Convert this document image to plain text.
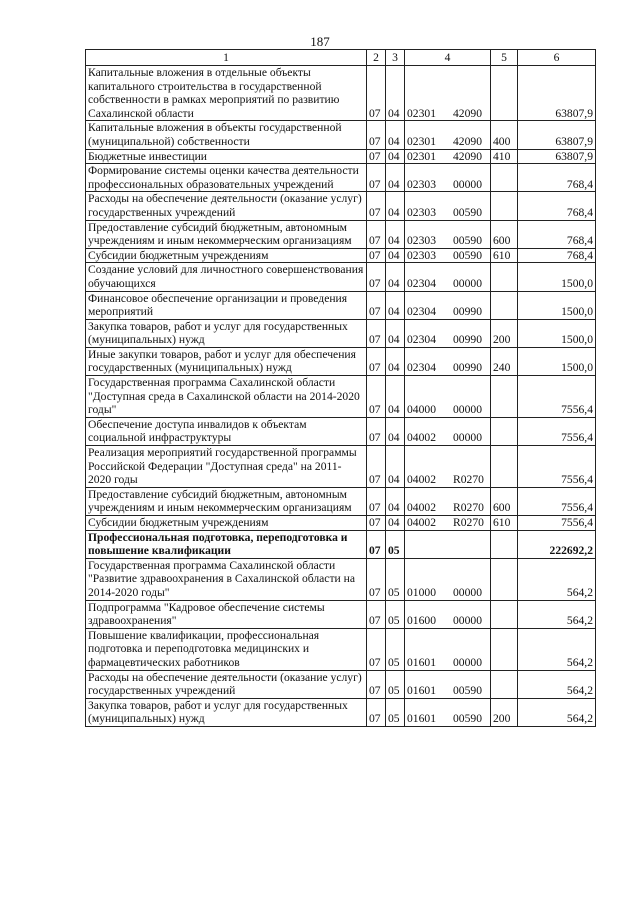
187
1	2	3	4	5	6
Капитальные вложения в отдельные объекты капитального строительства в государственной собственности в рамках мероприятий по развитию Сахалинской области	07	04	02301 42090		63807,9
Капитальные вложения в объекты государственной (муниципальной) собственности	07	04	02301 42090	400	63807,9
Бюджетные инвестиции	07	04	02301 42090	410	63807,9
Формирование системы оценки качества деятельности профессиональных образовательных учреждений	07	04	02303 00000		768,4
Расходы на обеспечение деятельности (оказание услуг) государственных учреждений	07	04	02303 00590		768,4
Предоставление субсидий бюджетным, автономным учреждениям и иным некоммерческим организациям	07	04	02303 00590	600	768,4
Субсидии бюджетным учреждениям	07	04	02303 00590	610	768,4
Создание условий для личностного совершенствования обучающихся	07	04	02304 00000		1500,0
Финансовое обеспечение организации и проведения мероприятий	07	04	02304 00990		1500,0
Закупка товаров, работ и услуг для государственных (муниципальных) нужд	07	04	02304 00990	200	1500,0
Иные закупки товаров, работ и услуг для обеспечения государственных (муниципальных) нужд	07	04	02304 00990	240	1500,0
Государственная программа Сахалинской области "Доступная среда в Сахалинской области на 2014-2020 годы"	07	04	04000 00000		7556,4
Обеспечение доступа инвалидов к объектам социальной инфраструктуры	07	04	04002 00000		7556,4
Реализация мероприятий государственной программы Российской Федерации "Доступная среда" на 2011-2020 годы	07	04	04002 R0270		7556,4
Предоставление субсидий бюджетным, автономным учреждениям и иным некоммерческим организациям	07	04	04002 R0270	600	7556,4
Субсидии бюджетным учреждениям	07	04	04002 R0270	610	7556,4
Профессиональная подготовка, переподготовка и повышение квалификации	07	05			222692,2
Государственная программа Сахалинской области "Развитие здравоохранения в Сахалинской области на 2014-2020 годы"	07	05	01000 00000		564,2
Подпрограмма "Кадровое обеспечение системы здравоохранения"	07	05	01600 00000		564,2
Повышение квалификации, профессиональная подготовка и переподготовка медицинских и фармацевтических работников	07	05	01601 00000		564,2
Расходы на обеспечение деятельности (оказание услуг) государственных учреждений	07	05	01601 00590		564,2
Закупка товаров, работ и услуг для государственных (муниципальных) нужд	07	05	01601 00590	200	564,2
